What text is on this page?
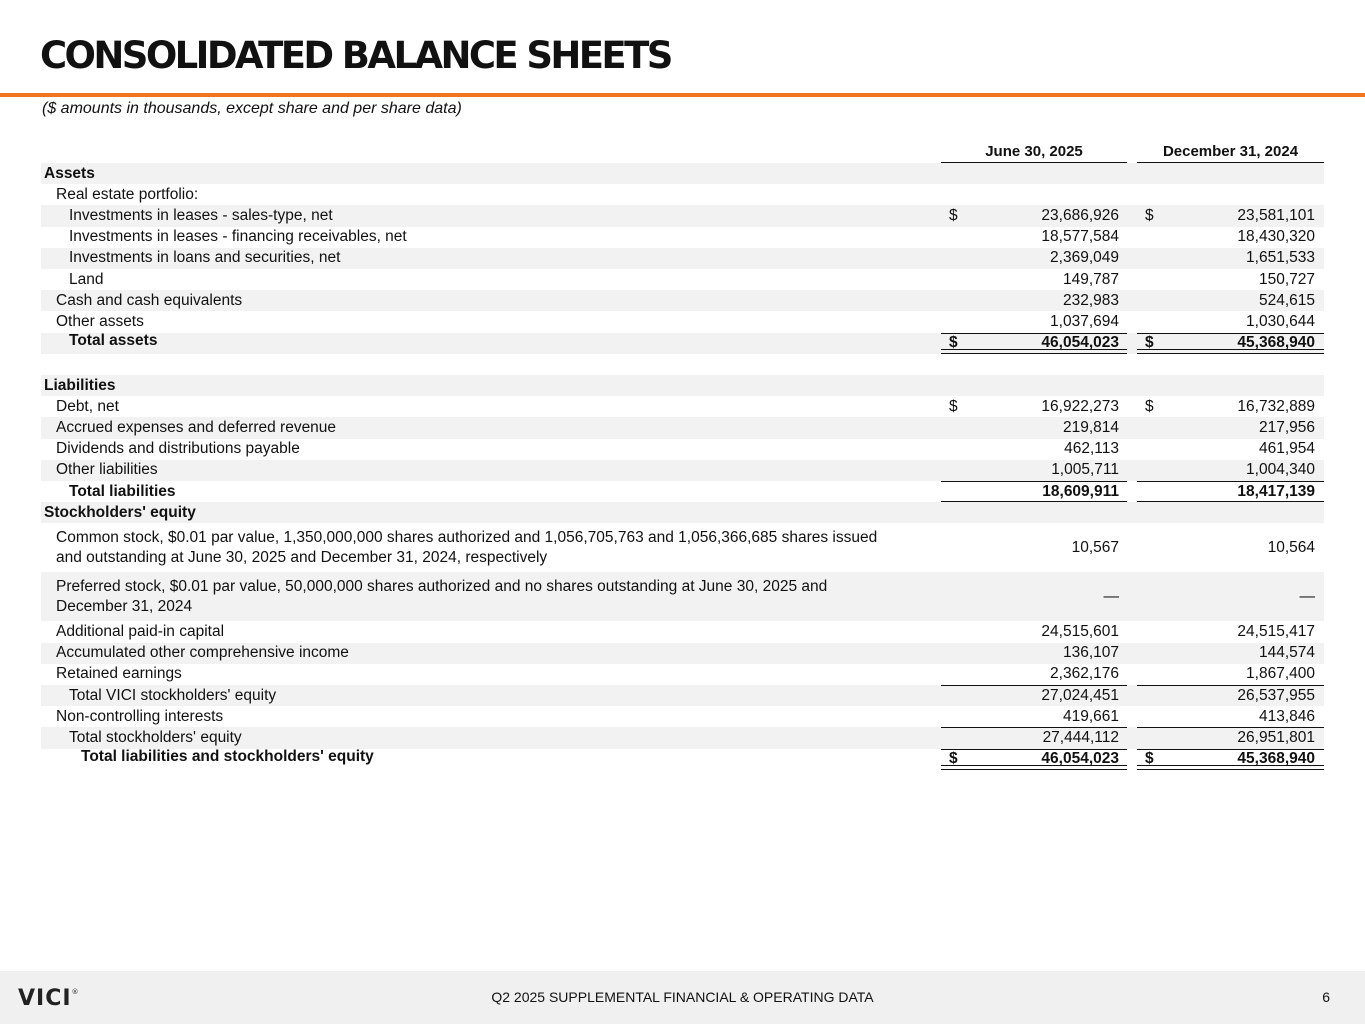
CONSOLIDATED BALANCE SHEETS
($ amounts in thousands, except share and per share data)
June 30, 2025	December 31, 2024
Assets
Real estate portfolio:
Investments in leases - sales-type, net	$	23,686,926 $	23,581,101
Investments in leases - financing receivables, net	18,577,584	18,430,320
Investments in loans and securities, net	2,369,049	1,651,533
Land	149,787	150,727
Cash and cash equivalents	232,983	524,615
Other assets	1,037,694	1,030,644
Total assets	$	46,054,023 $	45,368,940
Liabilities
Debt, net	$	16,922,273 $	16,732,889
Accrued expenses and deferred revenue	219,814	217,956
Dividends and distributions payable	462,113	461,954
Other liabilities	1,005,711	1,004,340
Total liabilities	18,609,911	18,417,139
Stockholders' equity
Common stock, $0.01 par value, 1,350,000,000 shares authorized and 1,056,705,763 and 1,056,366,685 shares issued and outstanding at June 30, 2025 and December 31, 2024, respectively
10,567	10,564
Preferred stock, $0.01 par value, 50,000,000 shares authorized and no shares outstanding at June 30, 2025 and December 31, 2024
—	—
Additional paid-in capital	24,515,601	24,515,417
Accumulated other comprehensive income	136,107	144,574
Retained earnings	2,362,176	1,867,400
Total VICI stockholders' equity	27,024,451	26,537,955
Non-controlling interests	419,661	413,846
Total stockholders' equity	27,444,112	26,951,801
Total liabilities and stockholders' equity	$	46,054,023 $	45,368,940
VICI®	Q2 2025 SUPPLEMENTAL FINANCIAL & OPERATING DATA	6
